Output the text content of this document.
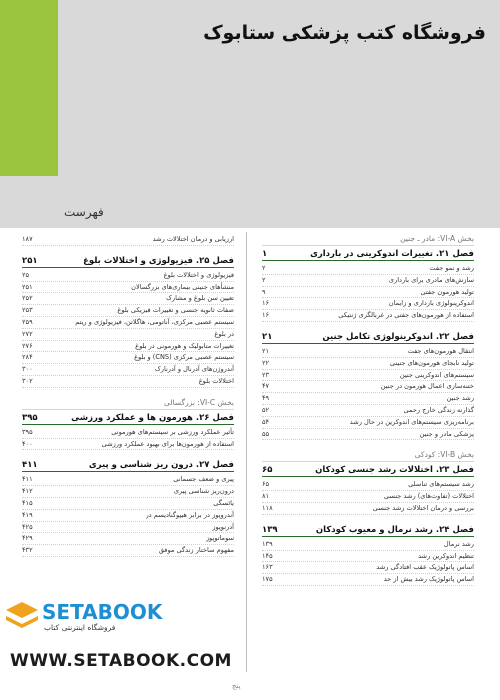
فروشگاه کتب پزشکی ستابوک
فهرست
بخش VI-A: مادر ـ جنین
فصل ۲۱. تغییرات اندوکرینی در بارداری
۱
رشد و نمو جفت
۲
سازش‌های مادری برای بارداری
۲
تولید هورمون جفتی
۹
اندوکرینولوژی بارداری و زایمان
۱۶
استفاده از هورمون‌های جفتی در غربالگری ژنتیکی
۱۶
فصل ۲۲. اندوکرینولوژی تکامل جنین
۲۱
انتقال هورمون‌های جفت
۲۱
تولید نابجای هورمون‌های جنینی
۲۲
سیستم‌های اندوکرینی جنین
۲۳
ختنه‌سازی اعمال هورمون در جنین
۴۷
رشد جنین
۴۹
گذارنه زندگی خارج رحمی
۵۲
برنامه‌ریزی سیستم‌های اندوکرین در حال رشد
۵۴
پزشکی مادر و جنین
۵۵
بخش VI-B: کودکی
فصل ۲۳. اختلالات رشد جنسی کودکان
۶۵
رشد سیستم‌های تناسلی
۶۵
اختلالات (تفاوت‌های) رشد جنسی
۸۱
بررسی و درمان اختلالات رشد جنسی
۱۱۸
فصل ۲۴. رشد نرمال و معیوب کودکان
۱۳۹
رشد نرمال
۱۳۹
تنظیم اندوکرین رشد
۱۴۵
اساس پاتولوژیک عقب افتادگی رشد
۱۶۳
اساس پاتولوژیک رشد بیش از حد
۱۷۵
ارزیابی و درمان اختلالات رشد
۱۸۷
فصل ۲۵. فیزیولوژی و اختلالات بلوغ
۲۵۱
فیزیولوژی و اختلالات بلوغ
۲۵
منشأهای جنینی بیماری‌های بزرگسالان
۲۵۱
تعیین سن بلوغ و مشارک
۲۵۲
صفات ثانویه جنسی و تغییرات فیزیکی بلوغ
۲۵۳
سیستم عصبی مرکزی، آناتومی، هاگلاتن، فیزیولوژی و ریتم
۲۵۹
در بلوغ
۲۷۲
تغییرات متابولیک و هورمونی در بلوغ
۲۷۶
سیستم عصبی مرکزی (CNS) و بلوغ
۲۸۴
آندروژن‌های آدرنال و آدرنارک
۳۰۰
اختلالات بلوغ
۳۰۲
بخش VI-C: بزرگسالی
فصل ۲۶. هورمون ها و عملکرد ورزشی
۳۹۵
تأثیر عملکرد ورزشی بر سیستم‌های هورمونی
۳۹۵
استفاده از هورمون‌ها برای بهبود عملکرد ورزشی
۴۰۰
فصل ۲۷. درون ریز شناسی و پیری
۴۱۱
پیری و ضعف جسمانی
۴۱۱
درون‌ریز شناسی پیری
۴۱۲
یائسگی
۴۱۵
آندروپوز در برابر هیپوگنادیسم در
۴۱۹
آدرنوپوز
۴۲۵
سوماتوپوز
۴۲۹
مفهوم ساختار زندگی موفق
۴۳۲
SETABOOK
فروشگاه اینترنتی کتاب
WWW.SETABOOK.COM
پنج
